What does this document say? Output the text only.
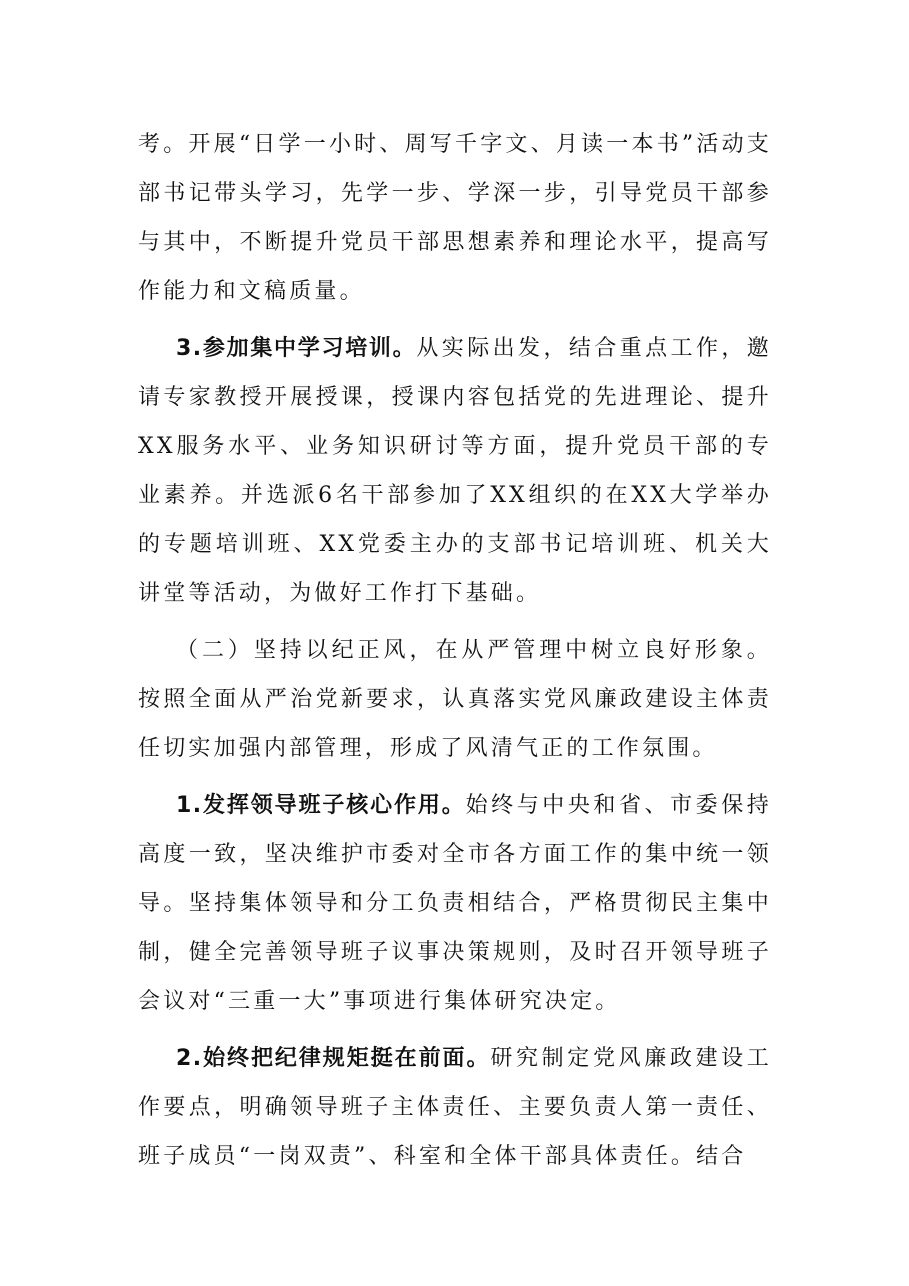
考。开展“日学一小时、周写千字文、月读一本书”活动支部书记带头学习，先学一步、学深一步，引导党员干部参与其中，不断提升党员干部思想素养和理论水平，提高写作能力和文稿质量。

3.参加集中学习培训。从实际出发，结合重点工作，邀请专家教授开展授课，授课内容包括党的先进理论、提升XX服务水平、业务知识研讨等方面，提升党员干部的专业素养。并选派6名干部参加了XX组织的在XX大学举办的专题培训班、XX党委主办的支部书记培训班、机关大讲堂等活动，为做好工作打下基础。

（二）坚持以纪正风，在从严管理中树立良好形象。按照全面从严治党新要求，认真落实党风廉政建设主体责任切实加强内部管理，形成了风清气正的工作氛围。

1.发挥领导班子核心作用。始终与中央和省、市委保持高度一致，坚决维护市委对全市各方面工作的集中统一领导。坚持集体领导和分工负责相结合，严格贯彻民主集中制，健全完善领导班子议事决策规则，及时召开领导班子会议对“三重一大”事项进行集体研究决定。

2.始终把纪律规矩挺在前面。研究制定党风廉政建设工作要点，明确领导班子主体责任、主要负责人第一责任、班子成员“一岗双责”、科室和全体干部具体责任。结合
